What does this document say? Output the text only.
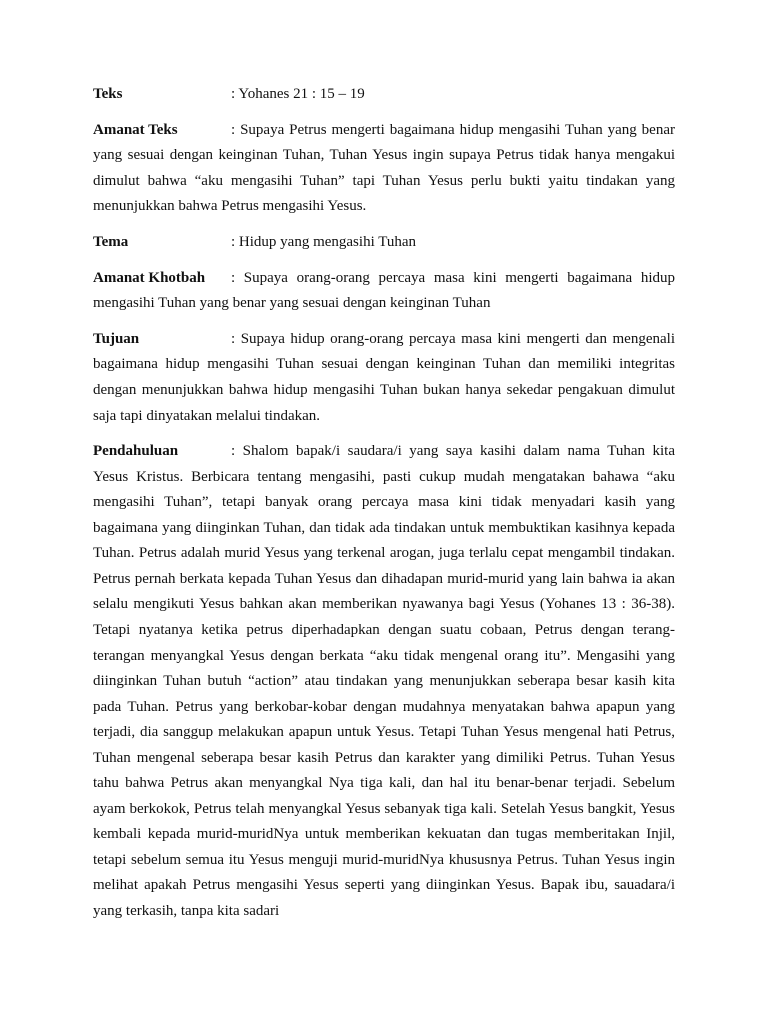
Teks	: Yohanes 21 : 15 – 19

Amanat Teks	: Supaya Petrus mengerti bagaimana hidup mengasihi Tuhan yang benar yang sesuai dengan keinginan Tuhan, Tuhan Yesus ingin supaya Petrus tidak hanya mengakui dimulut bahwa “aku mengasihi Tuhan” tapi Tuhan Yesus perlu bukti yaitu tindakan yang menunjukkan bahwa Petrus mengasihi Yesus.

Tema	: Hidup yang mengasihi Tuhan

Amanat Khotbah : Supaya orang-orang percaya masa kini mengerti bagaimana hidup mengasihi Tuhan yang benar yang sesuai dengan keinginan Tuhan

Tujuan	: Supaya hidup orang-orang percaya masa kini mengerti dan mengenali bagaimana hidup mengasihi Tuhan sesuai dengan keinginan Tuhan dan memiliki integritas dengan menunjukkan bahwa hidup mengasihi Tuhan bukan hanya sekedar pengakuan dimulut saja tapi dinyatakan melalui tindakan.

Pendahuluan	: Shalom bapak/i saudara/i yang saya kasihi dalam nama Tuhan kita Yesus Kristus. Berbicara tentang mengasihi, pasti cukup mudah mengatakan bahawa “aku mengasihi Tuhan”, tetapi banyak orang percaya masa kini tidak menyadari kasih yang bagaimana yang diinginkan Tuhan, dan tidak ada tindakan untuk membuktikan kasihnya kepada Tuhan. Petrus adalah murid Yesus yang terkenal arogan, juga terlalu cepat mengambil tindakan. Petrus pernah berkata kepada Tuhan Yesus dan dihadapan murid-murid yang lain bahwa ia akan selalu mengikuti Yesus bahkan akan memberikan nyawanya bagi Yesus (Yohanes 13 : 36-38). Tetapi nyatanya ketika petrus diperhadapkan dengan suatu cobaan, Petrus dengan terang-terangan menyangkal Yesus dengan berkata “aku tidak mengenal orang itu”. Mengasihi yang diinginkan Tuhan butuh “action” atau tindakan yang menunjukkan seberapa besar kasih kita pada Tuhan. Petrus yang berkobar-kobar dengan mudahnya menyatakan bahwa apapun yang terjadi, dia sanggup melakukan apapun untuk Yesus. Tetapi Tuhan Yesus mengenal hati Petrus, Tuhan mengenal seberapa besar kasih Petrus dan karakter yang dimiliki Petrus. Tuhan Yesus tahu bahwa Petrus akan menyangkal Nya tiga kali, dan hal itu benar-benar terjadi. Sebelum ayam berkokok, Petrus telah menyangkal Yesus sebanyak tiga kali. Setelah Yesus bangkit, Yesus kembali kepada murid-muridNya untuk memberikan kekuatan dan tugas memberitakan Injil, tetapi sebelum semua itu Yesus menguji murid-muridNya khususnya Petrus. Tuhan Yesus ingin melihat apakah Petrus mengasihi Yesus seperti yang diinginkan Yesus. Bapak ibu, sauadara/i yang terkasih, tanpa kita sadari
